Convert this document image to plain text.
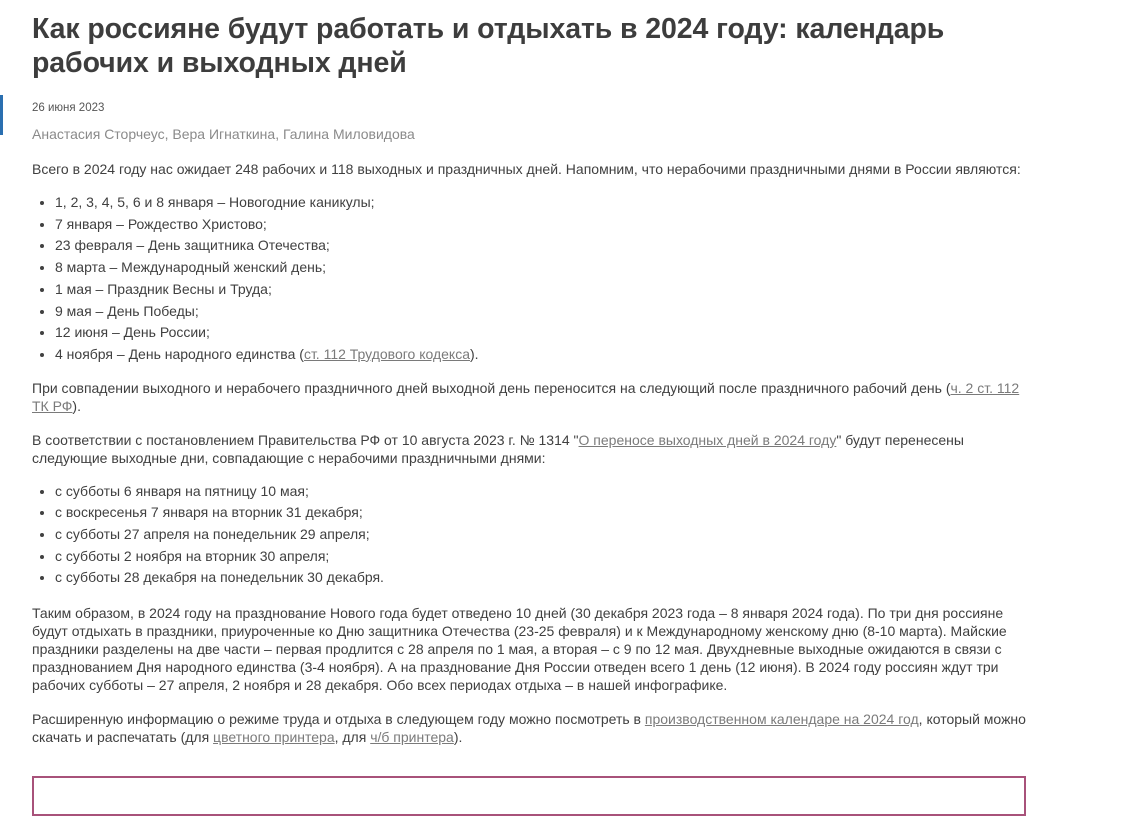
Как россияне будут работать и отдыхать в 2024 году: календарь рабочих и выходных дней
26 июня 2023
Анастасия Сторчеус, Вера Игнаткина, Галина Миловидова

Всего в 2024 году нас ожидает 248 рабочих и 118 выходных и праздничных дней. Напомним, что нерабочими праздничными днями в России являются:

• 1, 2, 3, 4, 5, 6 и 8 января – Новогодние каникулы;
• 7 января – Рождество Христово;
• 23 февраля – День защитника Отечества;
• 8 марта – Международный женский день;
• 1 мая – Праздник Весны и Труда;
• 9 мая – День Победы;
• 12 июня – День России;
• 4 ноября – День народного единства (ст. 112 Трудового кодекса).

При совпадении выходного и нерабочего праздничного дней выходной день переносится на следующий после праздничного рабочий день (ч. 2 ст. 112 ТК РФ).

В соответствии с постановлением Правительства РФ от 10 августа 2023 г. № 1314 "О переносе выходных дней в 2024 году" будут перенесены следующие выходные дни, совпадающие с нерабочими праздничными днями:

• с субботы 6 января на пятницу 10 мая;
• с воскресенья 7 января на вторник 31 декабря;
• с субботы 27 апреля на понедельник 29 апреля;
• с субботы 2 ноября на вторник 30 апреля;
• с субботы 28 декабря на понедельник 30 декабря.

Таким образом, в 2024 году на празднование Нового года будет отведено 10 дней (30 декабря 2023 года – 8 января 2024 года). По три дня россияне будут отдыхать в праздники, приуроченные ко Дню защитника Отечества (23-25 февраля) и к Международному женскому дню (8-10 марта). Майские праздники разделены на две части – первая продлится с 28 апреля по 1 мая, а вторая – с 9 по 12 мая. Двухдневные выходные ожидаются в связи с празднованием Дня народного единства (3-4 ноября). А на празднование Дня России отведен всего 1 день (12 июня). В 2024 году россиян ждут три рабочих субботы – 27 апреля, 2 ноября и 28 декабря. Обо всех периодах отдыха – в нашей инфографике.

Расширенную информацию о режиме труда и отдыха в следующем году можно посмотреть в производственном календаре на 2024 год, который можно скачать и распечатать (для цветного принтера, для ч/б принтера).
